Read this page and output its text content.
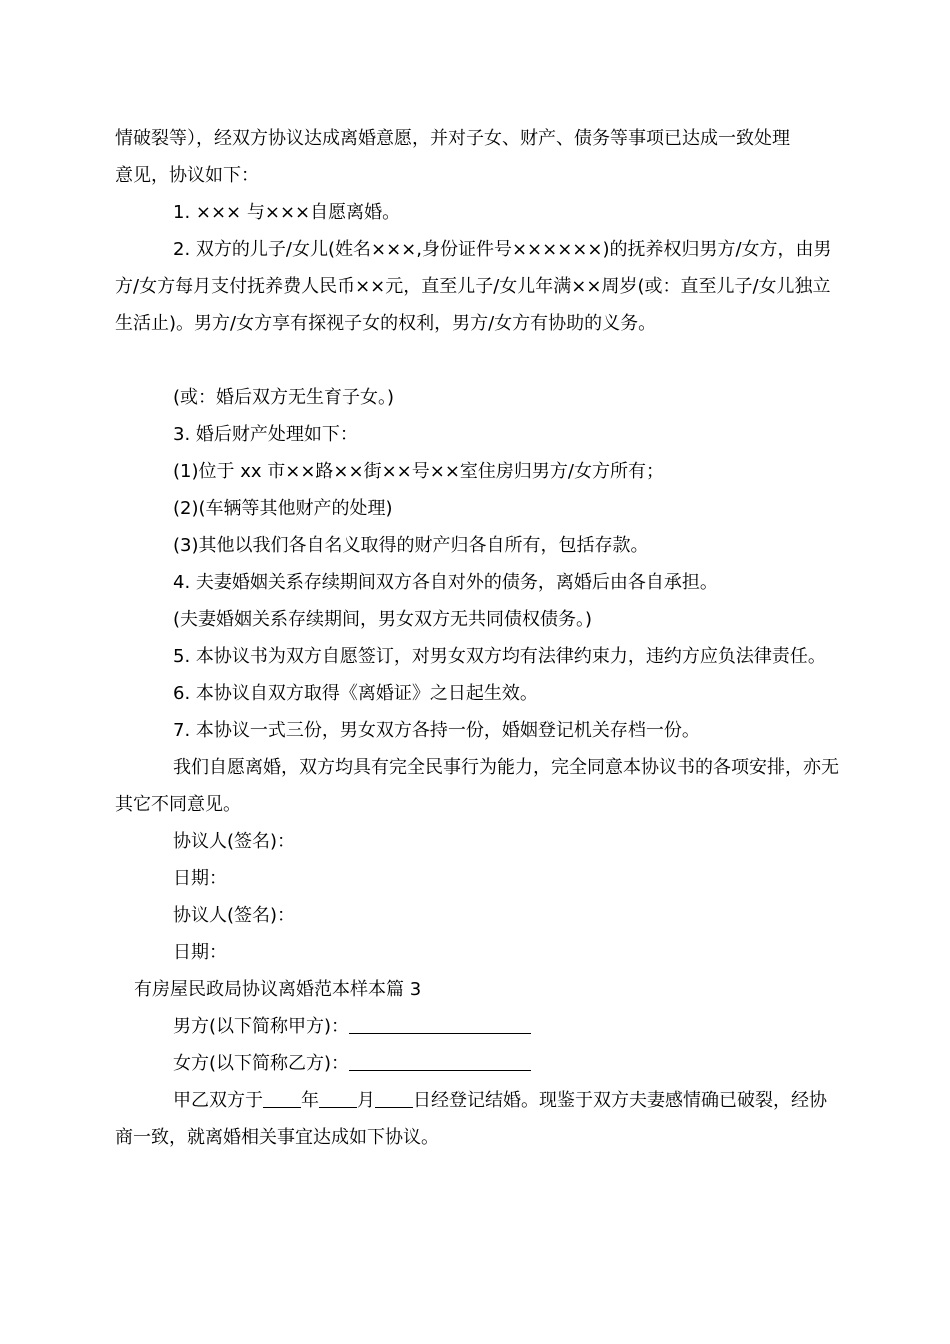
情破裂等），经双方协议达成离婚意愿，并对子女、财产、债务等事项已达成一致处理

意见，协议如下：

1. ××× 与×××自愿离婚。

2. 双方的儿子/女儿(姓名×××,身份证件号××××××)的抚养权归男方/女方，由男方/女方每月支付抚养费人民币××元，直至儿子/女儿年满××周岁(或：直至儿子/女儿独立生活止)。男方/女方享有探视子女的权利，男方/女方有协助的义务。

(或：婚后双方无生育子女。)

3. 婚后财产处理如下：

(1)位于 xx 市××路××街××号××室住房归男方/女方所有；

(2)(车辆等其他财产的处理)

(3)其他以我们各自名义取得的财产归各自所有，包括存款。

4. 夫妻婚姻关系存续期间双方各自对外的债务，离婚后由各自承担。

(夫妻婚姻关系存续期间，男女双方无共同债权债务。)

5. 本协议书为双方自愿签订，对男女双方均有法律约束力，违约方应负法律责任。

6. 本协议自双方取得《离婚证》之日起生效。

7. 本协议一式三份，男女双方各持一份，婚姻登记机关存档一份。

我们自愿离婚，双方均具有完全民事行为能力，完全同意本协议书的各项安排，亦无其它不同意见。

协议人(签名)：

日期：

协议人(签名)：

日期：

有房屋民政局协议离婚范本样本篇 3

男方(以下简称甲方)：

女方(以下简称乙方)：

甲乙双方于 年 月 日经登记结婚。现鉴于双方夫妻感情确已破裂，经协商一致，就离婚相关事宜达成如下协议。
